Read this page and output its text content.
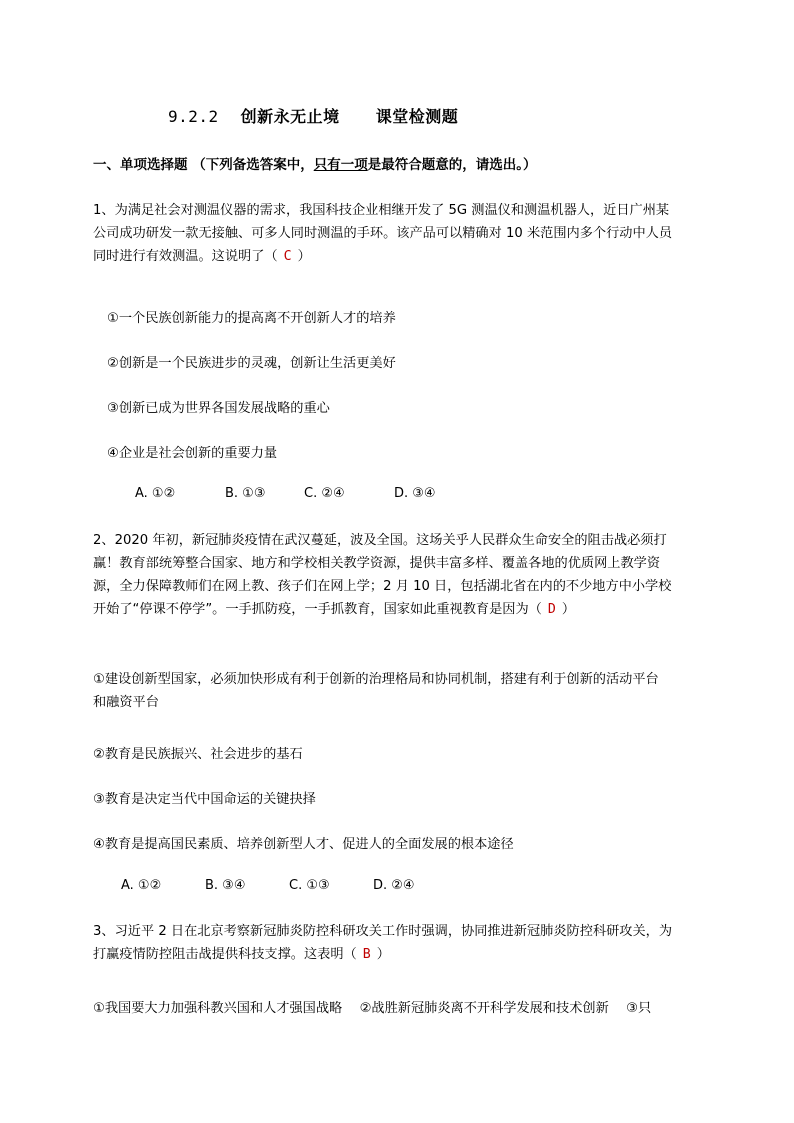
9.2.2 创新永无止境 课堂检测题
一、单项选择题 （下列备选答案中，只有一项是最符合题意的，请选出。）
1、为满足社会对测温仪器的需求，我国科技企业相继开发了 5G 测温仪和测温机器人，近日广州某
公司成功研发一款无接触、可多人同时测温的手环。该产品可以精确对 10 米范围内多个行动中人员
同时进行有效测温。这说明了（ C ）
①一个民族创新能力的提高离不开创新人才的培养
②创新是一个民族进步的灵魂，创新让生活更美好
③创新已成为世界各国发展战略的重心
④企业是社会创新的重要力量
A. ①②	B. ①③	C. ②④	D. ③④
2、2020 年初，新冠肺炎疫情在武汉蔓延，波及全国。这场关乎人民群众生命安全的阻击战必须打
赢！教育部统筹整合国家、地方和学校相关教学资源，提供丰富多样、覆盖各地的优质网上教学资
源，全力保障教师们在网上教、孩子们在网上学；2 月 10 日，包括湖北省在内的不少地方中小学校
开始了“停课不停学”。一手抓防疫，一手抓教育，国家如此重视教育是因为（ D ）
①建设创新型国家，必须加快形成有利于创新的治理格局和协同机制，搭建有利于创新的活动平台
和融资平台
②教育是民族振兴、社会进步的基石
③教育是决定当代中国命运的关键抉择
④教育是提高国民素质、培养创新型人才、促进人的全面发展的根本途径
A. ①②	B. ③④	C. ①③	D. ②④
3、习近平 2 日在北京考察新冠肺炎防控科研攻关工作时强调，协同推进新冠肺炎防控科研攻关，为
打赢疫情防控阻击战提供科技支撑。这表明（ B ）
①我国要大力加强科教兴国和人才强国战略　 ②战胜新冠肺炎离不开科学发展和技术创新　 ③只
